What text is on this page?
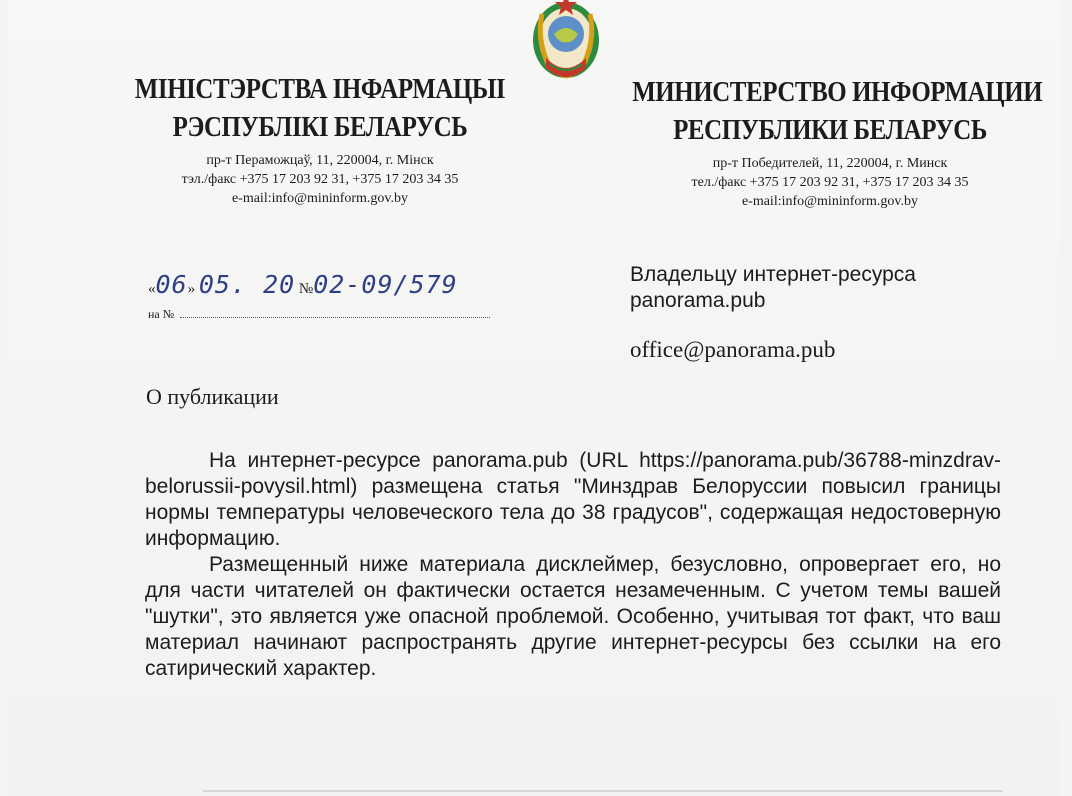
МІНІСТЭРСТВА ІНФАРМАЦЫІ
РЭСПУБЛІКІ БЕЛАРУСЬ
пр-т Пераможцаў, 11, 220004, г. Мінск
тэл./факс +375 17 203 92 31, +375 17 203 34 35
e-mail:info@mininform.gov.by
МИНИСТЕРСТВО ИНФОРМАЦИИ
РЕСПУБЛИКИ БЕЛАРУСЬ
пр-т Победителей, 11, 220004, г. Минск
тел./факс +375 17 203 92 31, +375 17 203 34 35
e-mail:info@mininform.gov.by
«06» 05. 20 №02-09/579
на №
Владельцу интернет-ресурса
panorama.pub
office@panorama.pub
О публикации

На интернет-ресурсе panorama.pub (URL https://panorama.pub/36788-minzdrav-belorussii-povysil.html) размещена статья "Минздрав Белоруссии повысил границы нормы температуры человеческого тела до 38 градусов", содержащая недостоверную информацию.

Размещенный ниже материала дисклеймер, безусловно, опровергает его, но для части читателей он фактически остается незамеченным. С учетом темы вашей "шутки", это является уже опасной проблемой. Особенно, учитывая тот факт, что ваш материал начинают распространять другие интернет-ресурсы без ссылки на его сатирический характер.
